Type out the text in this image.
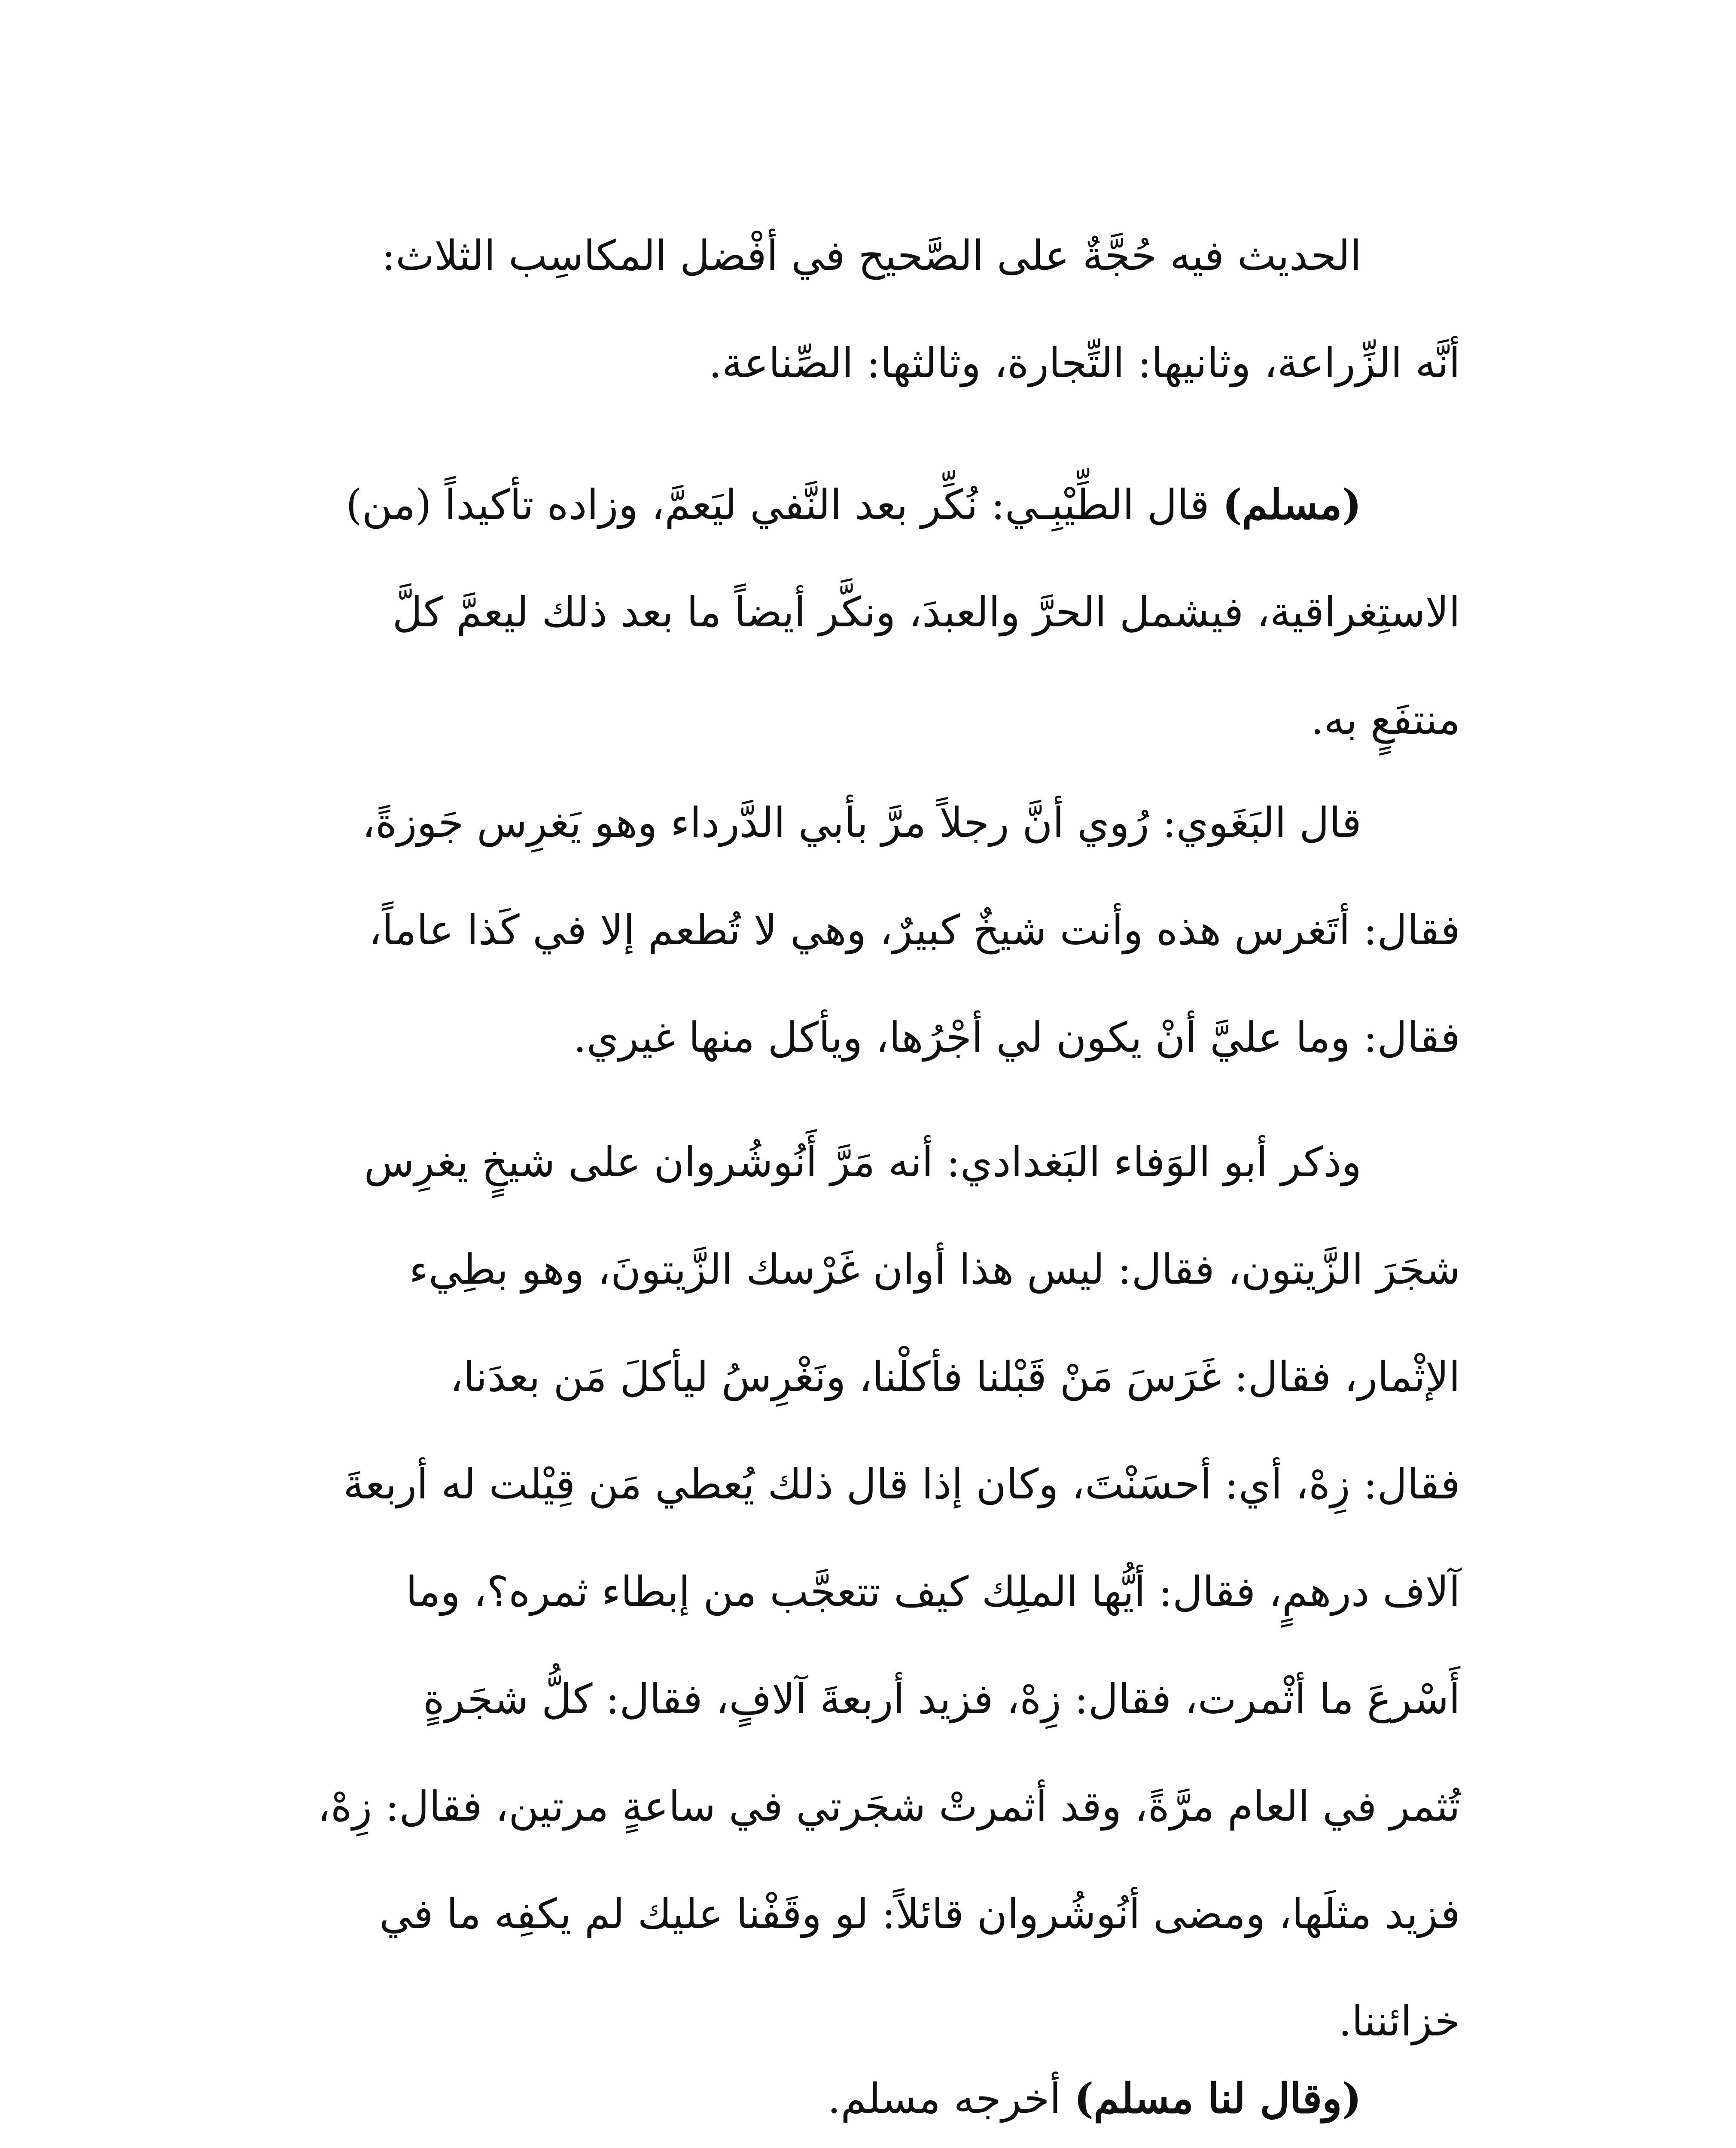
الحديث فيه حُجَّةٌ على الصَّحيح في أفْضل المكاسِب الثلاث:

أنَّه الزِّراعة، وثانيها: التِّجارة، وثالثها: الصِّناعة.

(مسلم) قال الطِّيْبِـي: نُكِّر بعد النَّفي ليَعمَّ، وزاده تأكيداً (من)

الاستِغراقية، فيشمل الحرَّ والعبدَ، ونكَّر أيضاً ما بعد ذلك ليعمَّ كلَّ

منتفَعٍ به.

قال البَغَوي: رُوي أنَّ رجلاً مرَّ بأبي الدَّرداء وهو يَغرِس جَوزةً،

فقال: أتَغرس هذه وأنت شيخٌ كبيرٌ، وهي لا تُطعم إلا في كَذا عاماً،

فقال: وما عليَّ أنْ يكون لي أجْرُها، ويأكل منها غيري.

وذكر أبو الوَفاء البَغدادي: أنه مَرَّ أَنُوشُروان على شيخٍ يغرِس

شجَرَ الزَّيتون، فقال: ليس هذا أوان غَرْسك الزَّيتونَ، وهو بطِيء

الإثْمار، فقال: غَرَسَ مَنْ قَبْلنا فأكلْنا، ونَغْرِسُ ليأكلَ مَن بعدَنا،

فقال: زِهْ، أي: أحسَنْتَ، وكان إذا قال ذلك يُعطي مَن قِيْلت له أربعةَ

آلاف درهمٍ، فقال: أيُّها الملِك كيف تتعجَّب من إبطاء ثمره؟، وما

أَسْرعَ ما أثْمرت، فقال: زِهْ، فزيد أربعةَ آلافٍ، فقال: كلُّ شجَرةٍ

تُثمر في العام مرَّةً، وقد أثمرتْ شجَرتي في ساعةٍ مرتين، فقال: زِهْ،

فزيد مثلَها، ومضى أنُوشُروان قائلاً: لو وقَفْنا عليك لم يكفِه ما في

خزائننا.

(وقال لنا مسلم) أخرجه مسلم.
